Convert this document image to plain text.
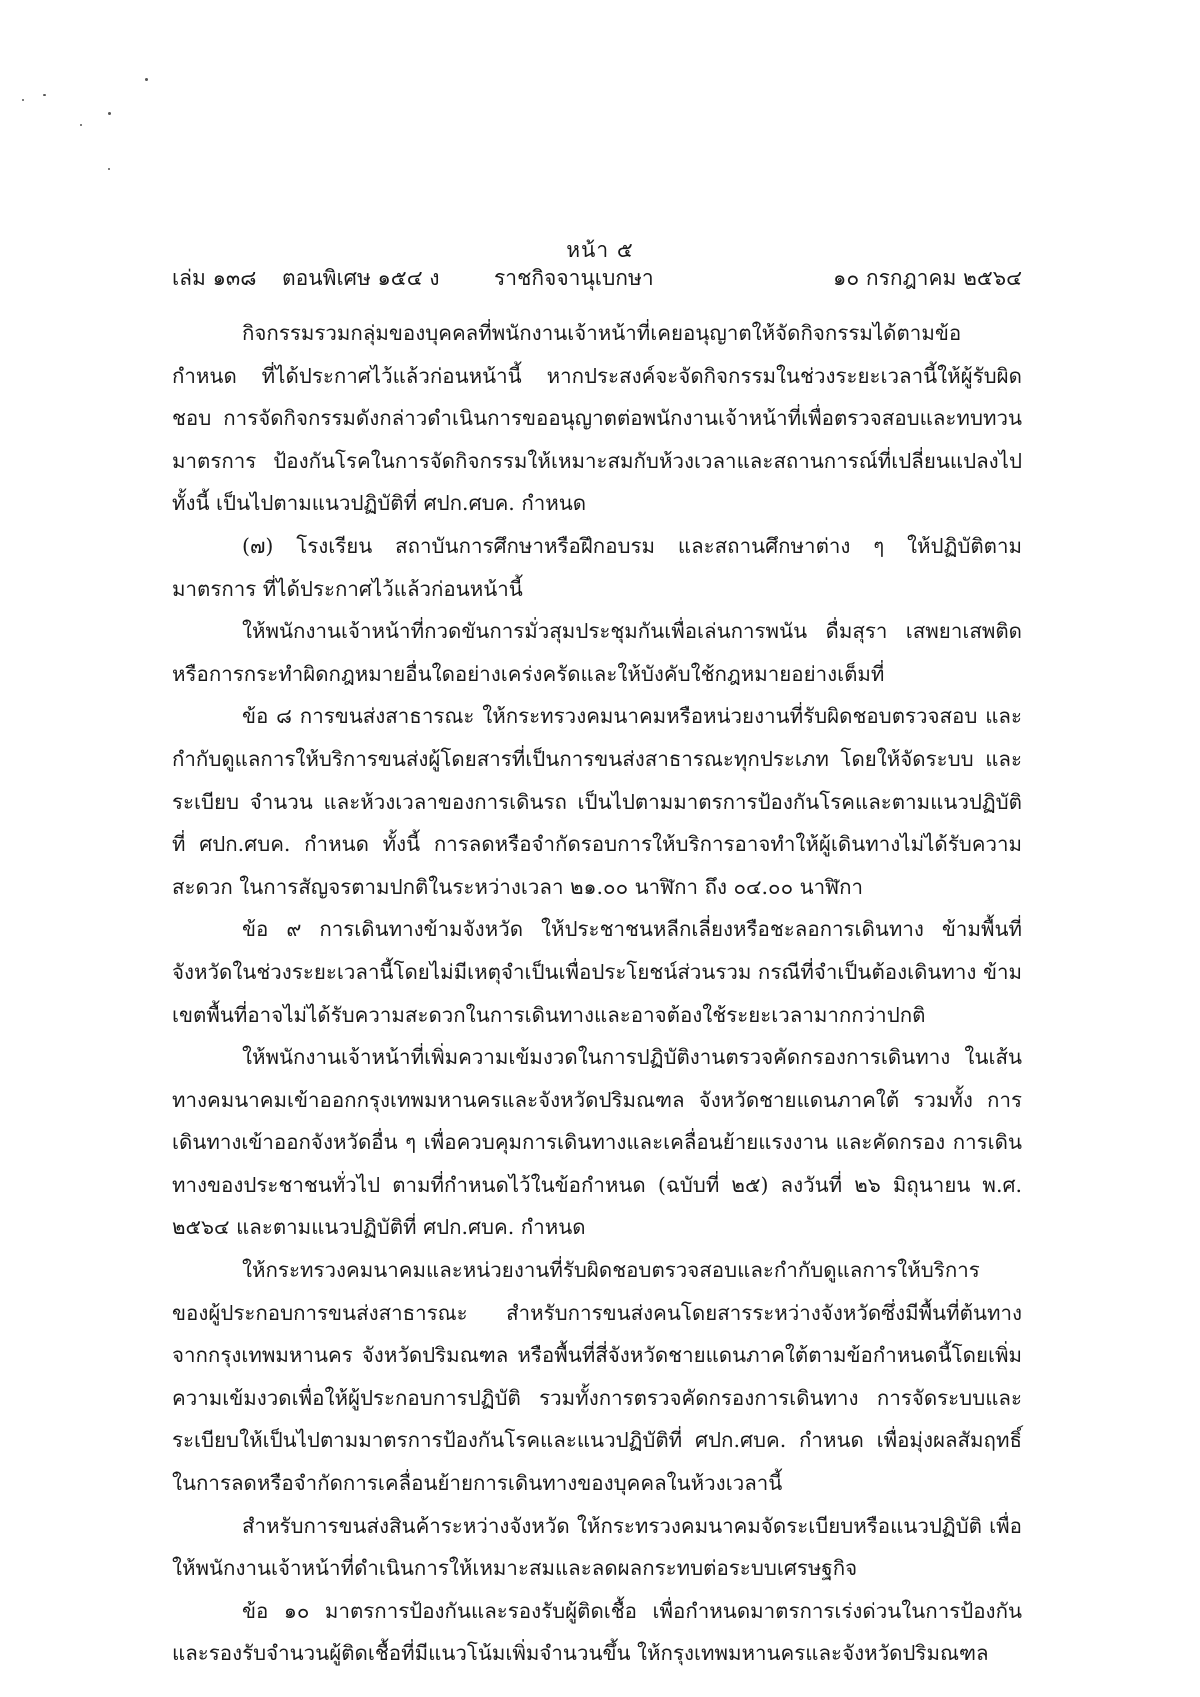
หน้า ๕
เล่ม ๑๓๘ ตอนพิเศษ ๑๕๔ ง	ราชกิจจานุเบกษา	๑๐ กรกฎาคม ๒๕๖๔

กิจกรรมรวมกลุ่มของบุคคลที่พนักงานเจ้าหน้าที่เคยอนุญาตให้จัดกิจกรรมได้ตามข้อกำหนด ที่ได้ประกาศไว้แล้วก่อนหน้านี้ หากประสงค์จะจัดกิจกรรมในช่วงระยะเวลานี้ให้ผู้รับผิดชอบ การจัดกิจกรรมดังกล่าวดำเนินการขออนุญาตต่อพนักงานเจ้าหน้าที่เพื่อตรวจสอบและทบทวนมาตรการ ป้องกันโรคในการจัดกิจกรรมให้เหมาะสมกับห้วงเวลาและสถานการณ์ที่เปลี่ยนแปลงไป ทั้งนี้ เป็นไปตามแนวปฏิบัติที่ ศปก.ศบค. กำหนด

(๗) โรงเรียน สถาบันการศึกษาหรือฝึกอบรม และสถานศึกษาต่าง ๆ ให้ปฏิบัติตามมาตรการ ที่ได้ประกาศไว้แล้วก่อนหน้านี้

ให้พนักงานเจ้าหน้าที่กวดขันการมั่วสุมประชุมกันเพื่อเล่นการพนัน ดื่มสุรา เสพยาเสพติด หรือการกระทำผิดกฎหมายอื่นใดอย่างเคร่งครัดและให้บังคับใช้กฎหมายอย่างเต็มที่

ข้อ ๘ การขนส่งสาธารณะ ให้กระทรวงคมนาคมหรือหน่วยงานที่รับผิดชอบตรวจสอบ และกำกับดูแลการให้บริการขนส่งผู้โดยสารที่เป็นการขนส่งสาธารณะทุกประเภท โดยให้จัดระบบ และระเบียบ จำนวน และห้วงเวลาของการเดินรถ เป็นไปตามมาตรการป้องกันโรคและตามแนวปฏิบัติ ที่ ศปก.ศบค. กำหนด ทั้งนี้ การลดหรือจำกัดรอบการให้บริการอาจทำให้ผู้เดินทางไม่ได้รับความสะดวก ในการสัญจรตามปกติในระหว่างเวลา ๒๑.๐๐ นาฬิกา ถึง ๐๔.๐๐ นาฬิกา

ข้อ ๙ การเดินทางข้ามจังหวัด ให้ประชาชนหลีกเลี่ยงหรือชะลอการเดินทาง ข้ามพื้นที่จังหวัดในช่วงระยะเวลานี้โดยไม่มีเหตุจำเป็นเพื่อประโยชน์ส่วนรวม กรณีที่จำเป็นต้องเดินทาง ข้ามเขตพื้นที่อาจไม่ได้รับความสะดวกในการเดินทางและอาจต้องใช้ระยะเวลามากกว่าปกติ

ให้พนักงานเจ้าหน้าที่เพิ่มความเข้มงวดในการปฏิบัติงานตรวจคัดกรองการเดินทาง ในเส้นทางคมนาคมเข้าออกกรุงเทพมหานครและจังหวัดปริมณฑล จังหวัดชายแดนภาคใต้ รวมทั้ง การเดินทางเข้าออกจังหวัดอื่น ๆ เพื่อควบคุมการเดินทางและเคลื่อนย้ายแรงงาน และคัดกรอง การเดินทางของประชาชนทั่วไป ตามที่กำหนดไว้ในข้อกำหนด (ฉบับที่ ๒๕) ลงวันที่ ๒๖ มิถุนายน พ.ศ. ๒๕๖๔ และตามแนวปฏิบัติที่ ศปก.ศบค. กำหนด

ให้กระทรวงคมนาคมและหน่วยงานที่รับผิดชอบตรวจสอบและกำกับดูแลการให้บริการ ของผู้ประกอบการขนส่งสาธารณะ สำหรับการขนส่งคนโดยสารระหว่างจังหวัดซึ่งมีพื้นที่ต้นทาง จากกรุงเทพมหานคร จังหวัดปริมณฑล หรือพื้นที่สี่จังหวัดชายแดนภาคใต้ตามข้อกำหนดนี้โดยเพิ่ม ความเข้มงวดเพื่อให้ผู้ประกอบการปฏิบัติ รวมทั้งการตรวจคัดกรองการเดินทาง การจัดระบบและ ระเบียบให้เป็นไปตามมาตรการป้องกันโรคและแนวปฏิบัติที่ ศปก.ศบค. กำหนด เพื่อมุ่งผลสัมฤทธิ์ ในการลดหรือจำกัดการเคลื่อนย้ายการเดินทางของบุคคลในห้วงเวลานี้

สำหรับการขนส่งสินค้าระหว่างจังหวัด ให้กระทรวงคมนาคมจัดระเบียบหรือแนวปฏิบัติ เพื่อให้พนักงานเจ้าหน้าที่ดำเนินการให้เหมาะสมและลดผลกระทบต่อระบบเศรษฐกิจ

ข้อ ๑๐ มาตรการป้องกันและรองรับผู้ติดเชื้อ เพื่อกำหนดมาตรการเร่งด่วนในการป้องกัน และรองรับจำนวนผู้ติดเชื้อที่มีแนวโน้มเพิ่มจำนวนขึ้น ให้กรุงเทพมหานครและจังหวัดปริมณฑล
